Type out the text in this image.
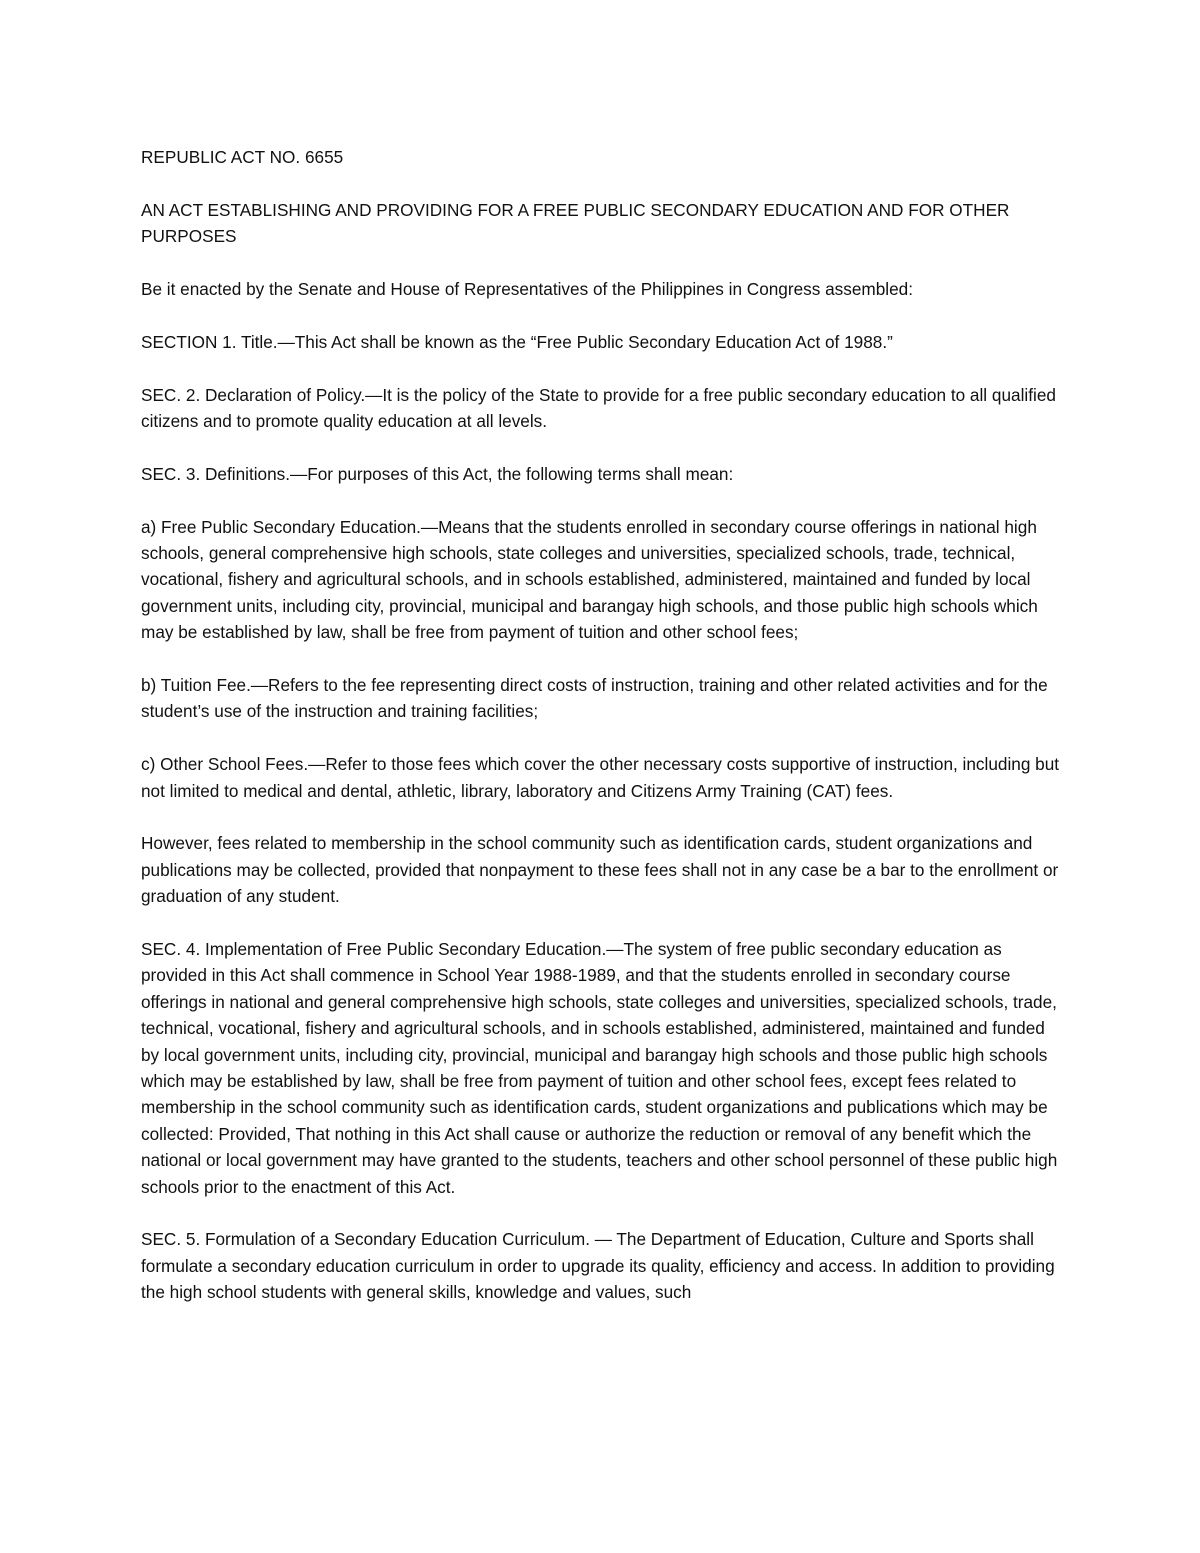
REPUBLIC ACT NO. 6655

AN ACT ESTABLISHING AND PROVIDING FOR A FREE PUBLIC SECONDARY EDUCATION AND FOR OTHER PURPOSES

Be it enacted by the Senate and House of Representatives of the Philippines in Congress assembled:

SECTION 1. Title.—This Act shall be known as the “Free Public Secondary Education Act of 1988.”

SEC. 2. Declaration of Policy.—It is the policy of the State to provide for a free public secondary education to all qualified citizens and to promote quality education at all levels.

SEC. 3. Definitions.—For purposes of this Act, the following terms shall mean:

a) Free Public Secondary Education.—Means that the students enrolled in secondary course offerings in national high schools, general comprehensive high schools, state colleges and universities, specialized schools, trade, technical, vocational, fishery and agricultural schools, and in schools established, administered, maintained and funded by local government units, including city, provincial, municipal and barangay high schools, and those public high schools which may be established by law, shall be free from payment of tuition and other school fees;

b) Tuition Fee.—Refers to the fee representing direct costs of instruction, training and other related activities and for the student’s use of the instruction and training facilities;

c) Other School Fees.—Refer to those fees which cover the other necessary costs supportive of instruction, including but not limited to medical and dental, athletic, library, laboratory and Citizens Army Training (CAT) fees.

However, fees related to membership in the school community such as identification cards, student organizations and publications may be collected, provided that nonpayment to these fees shall not in any case be a bar to the enrollment or graduation of any student.

SEC. 4. Implementation of Free Public Secondary Education.—The system of free public secondary education as provided in this Act shall commence in School Year 1988-1989, and that the students enrolled in secondary course offerings in national and general comprehensive high schools, state colleges and universities, specialized schools, trade, technical, vocational, fishery and agricultural schools, and in schools established, administered, maintained and funded by local government units, including city, provincial, municipal and barangay high schools and those public high schools which may be established by law, shall be free from payment of tuition and other school fees, except fees related to membership in the school community such as identification cards, student organizations and publications which may be collected: Provided, That nothing in this Act shall cause or authorize the reduction or removal of any benefit which the national or local government may have granted to the students, teachers and other school personnel of these public high schools prior to the enactment of this Act.

SEC. 5. Formulation of a Secondary Education Curriculum. — The Department of Education, Culture and Sports shall formulate a secondary education curriculum in order to upgrade its quality, efficiency and access. In addition to providing the high school students with general skills, knowledge and values, such
